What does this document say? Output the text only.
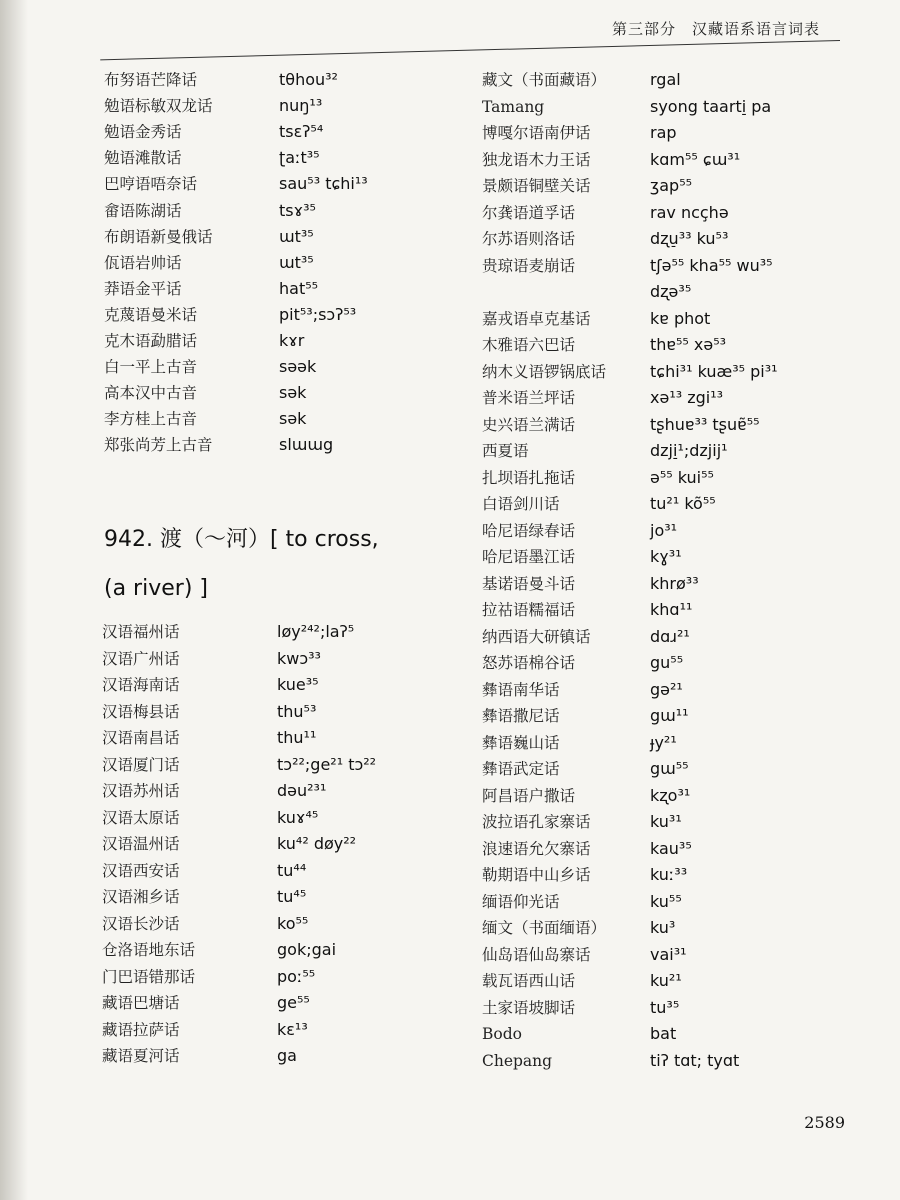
第三部分　汉藏语系语言词表
布努语芒降话	tθhou³²
勉语标敏双龙话	nuŋ¹³
勉语金秀话	tsɛʔ⁵⁴
勉语滩散话	ʈaːt³⁵
巴哼语唔奈话	sau⁵³ tɕhi¹³
畲语陈湖话	tsɤ³⁵
布朗语新曼俄话	ɯt³⁵
佤语岩帅话	ɯt³⁵
莽语金平话	hat⁵⁵
克蔑语曼米话	pit⁵³;sɔʔ⁵³
克木语勐腊话	kɤr
白一平上古音	səək
高本汉中古音	sək
李方桂上古音	sək
郑张尚芳上古音	slɯɯg
942. 渡（～河）[ to cross,
(a river) ]
汉语福州话	løy²⁴²;laʔ⁵
汉语广州话	kwɔ³³
汉语海南话	kue³⁵
汉语梅县话	thu⁵³
汉语南昌话	thu¹¹
汉语厦门话	tɔ²²;ge²¹ tɔ²²
汉语苏州话	dəu²³¹
汉语太原话	kuɤ⁴⁵
汉语温州话	ku⁴² døy²²
汉语西安话	tu⁴⁴
汉语湘乡话	tu⁴⁵
汉语长沙话	ko⁵⁵
仓洛语地东话	gok;gai
门巴语错那话	poː⁵⁵
藏语巴塘话	ge⁵⁵
藏语拉萨话	kɛ¹³
藏语夏河话	ga
藏文（书面藏语）	rgal
Tamang	syong taarti̠ pa
博嘎尔语南伊话	rap
独龙语木力王话	kɑm⁵⁵ ɕɯ³¹
景颇语铜壁关话	ʒap⁵⁵
尔龚语道孚话	rav ncçhə
尔苏语则洛话	dʐu̠³³ ku⁵³
贵琼语麦崩话	tʃə⁵⁵ kha⁵⁵ wu³⁵
dʐə³⁵
嘉戎语卓克基话	kɐ phot
木雅语六巴话	thɐ⁵⁵ xə⁵³
纳木义语锣锅底话	tɕhi³¹ kuæ³⁵ pi³¹
普米语兰坪话	xə¹³ zgi¹³
史兴语兰满话	tʂhuɐ³³ tʂuɐ̃⁵⁵
西夏语	dzji̠¹;dzjij¹
扎坝语扎拖话	ə⁵⁵ kui⁵⁵
白语剑川话	tu²¹ kõ⁵⁵
哈尼语绿春话	jo³¹
哈尼语墨江话	kɣ³¹
基诺语曼斗话	khrø³³
拉祜语糯福话	khɑ¹¹
纳西语大研镇话	dɑɹ²¹
怒苏语棉谷话	gu⁵⁵
彝语南华话	gə²¹
彝语撒尼话	gɯ¹¹
彝语巍山话	ɟy²¹
彝语武定话	gɯ⁵⁵
阿昌语户撒话	kʐo³¹
波拉语孔家寨话	ku³¹
浪速语允欠寨话	kau³⁵
勒期语中山乡话	kuː³³
缅语仰光话	ku⁵⁵
缅文（书面缅语）	ku³
仙岛语仙岛寨话	vai³¹
载瓦语西山话	ku²¹
土家语坡脚话	tu³⁵
Bodo	bat
Chepang	tiʔ tɑt; tyɑt
2589
